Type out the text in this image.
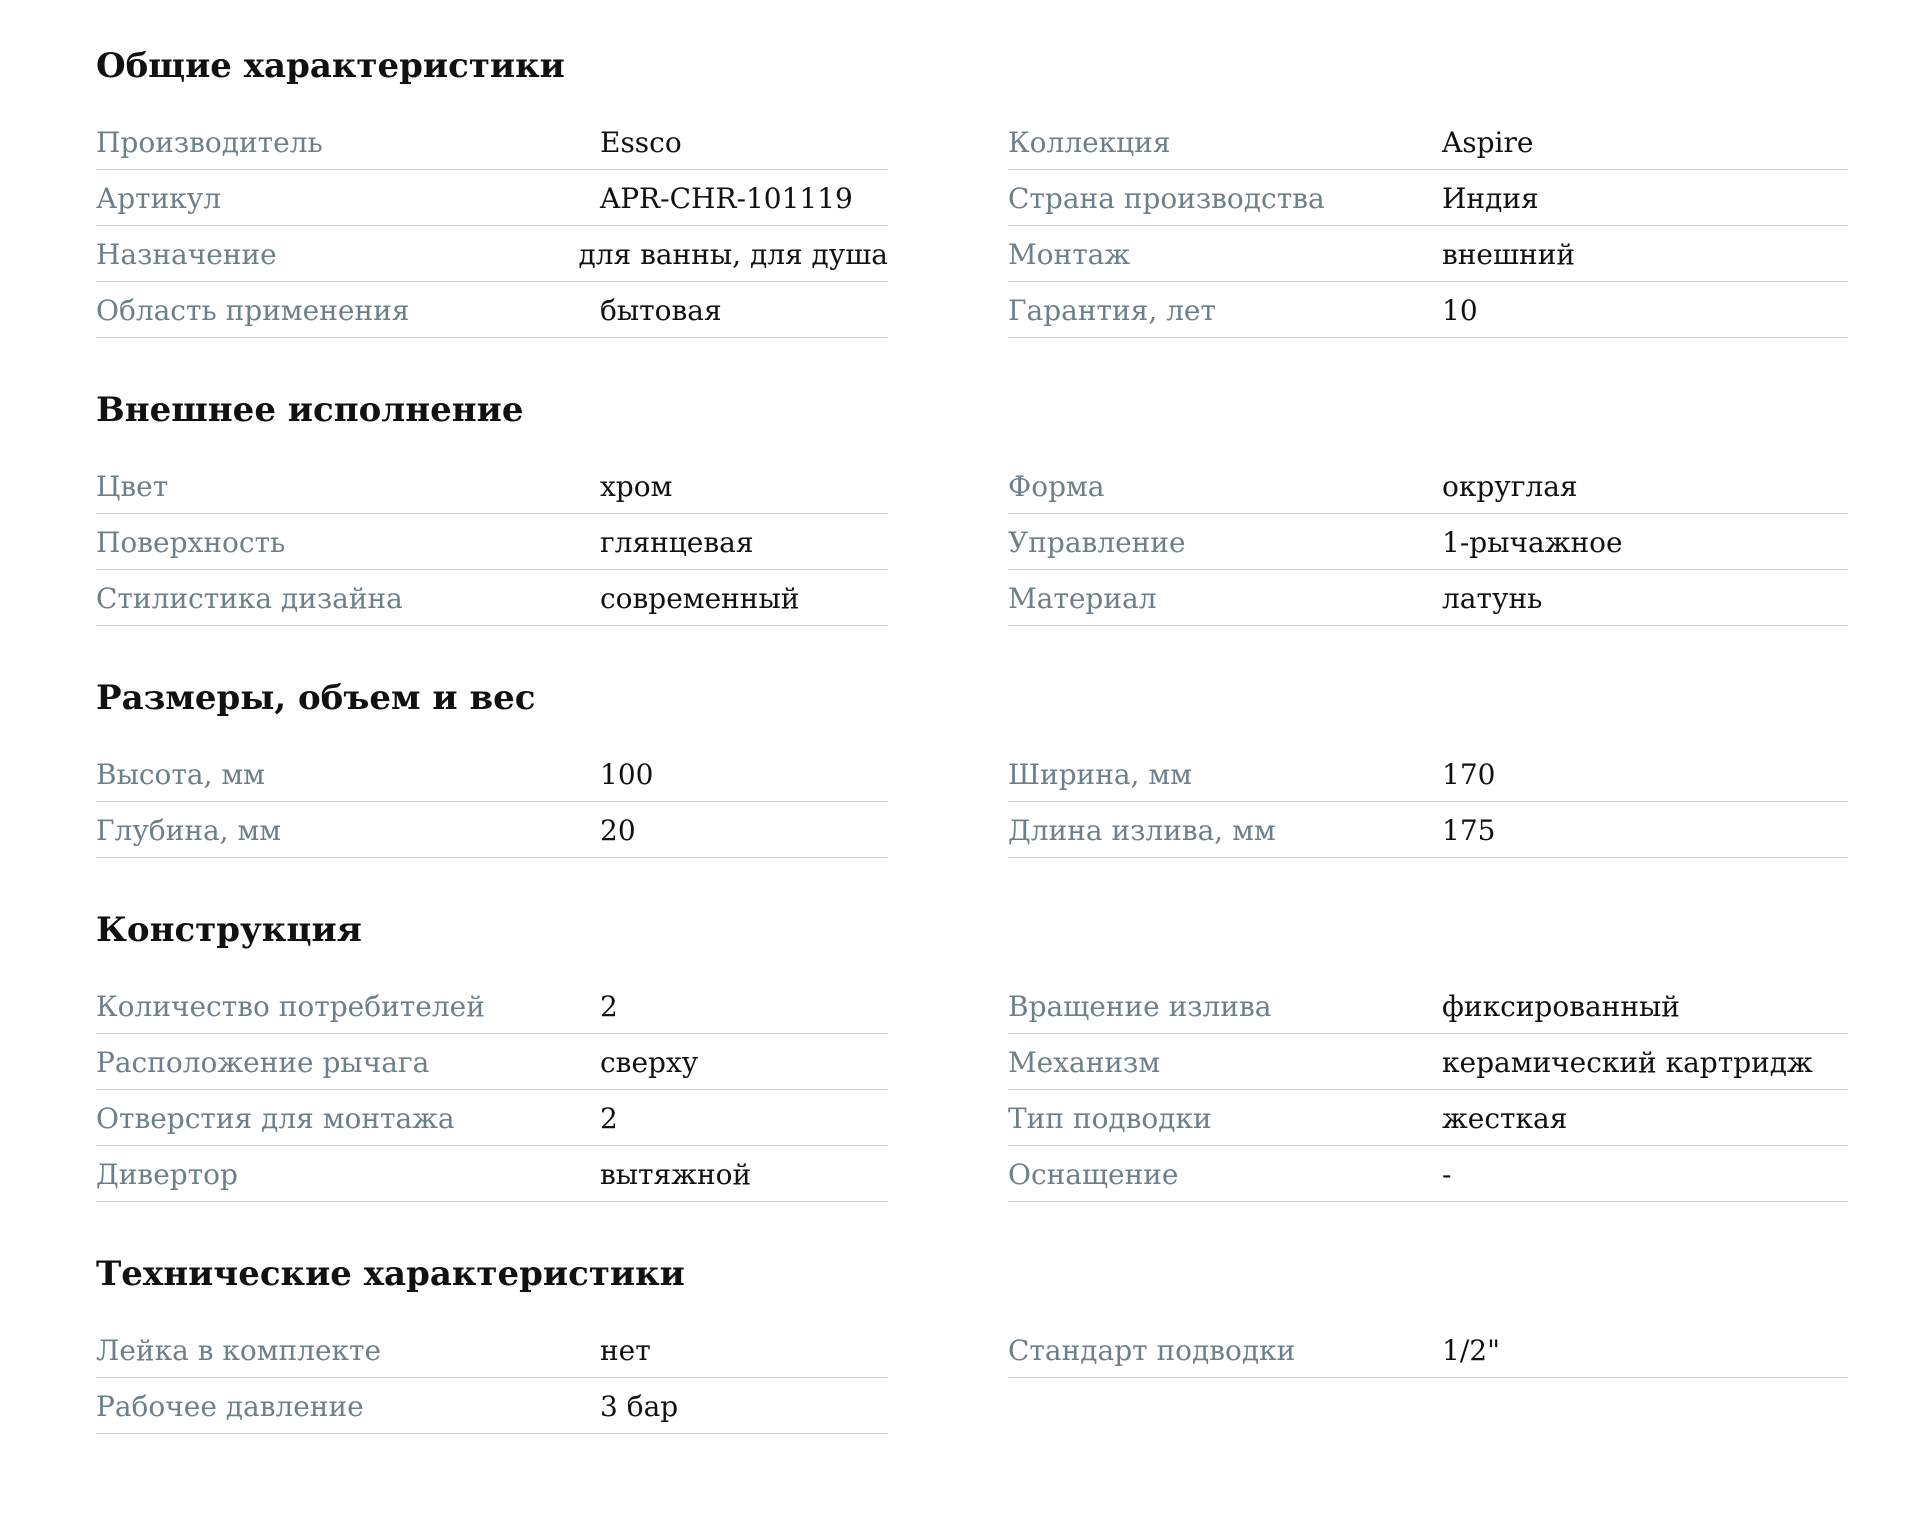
Общие характеристики
Производитель	Essco
Артикул	APR-CHR-101119
Назначение	для ванны, для душа
Область применения	бытовая
Коллекция	Aspire
Страна производства	Индия
Монтаж	внешний
Гарантия, лет	10
Внешнее исполнение
Цвет	хром
Поверхность	глянцевая
Стилистика дизайна	современный
Форма	округлая
Управление	1-рычажное
Материал	латунь
Размеры, объем и вес
Высота, мм	100
Глубина, мм	20
Ширина, мм	170
Длина излива, мм	175
Конструкция
Количество потребителей	2
Расположение рычага	сверху
Отверстия для монтажа	2
Дивертор	вытяжной
Вращение излива	фиксированный
Механизм	керамический картридж
Тип подводки	жесткая
Оснащение	-
Технические характеристики
Лейка в комплекте	нет
Рабочее давление	3 бар
Стандарт подводки	1/2"
